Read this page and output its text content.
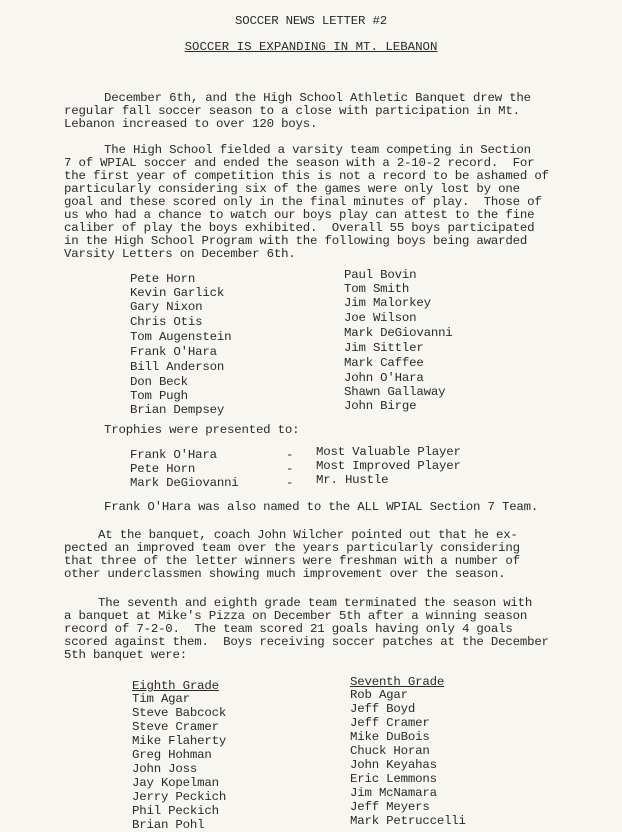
SOCCER NEWS LETTER #2
SOCCER IS EXPANDING IN MT. LEBANON
December 6th, and the High School Athletic Banquet drew the
regular fall soccer season to a close with participation in Mt.
Lebanon increased to over 120 boys.
The High School fielded a varsity team competing in Section
7 of WPIAL soccer and ended the season with a 2-10-2 record.  For
the first year of competition this is not a record to be ashamed of
particularly considering six of the games were only lost by one
goal and these scored only in the final minutes of play.  Those of
us who had a chance to watch our boys play can attest to the fine
caliber of play the boys exhibited.  Overall 55 boys participated
in the High School Program with the following boys being awarded
Varsity Letters on December 6th.
Pete Horn
Kevin Garlick
Gary Nixon
Chris Otis
Tom Augenstein
Frank O'Hara
Bill Anderson
Don Beck
Tom Pugh
Brian Dempsey
Paul Bovin
Tom Smith
Jim Malorkey
Joe Wilson
Mark DeGiovanni
Jim Sittler
Mark Caffee
John O'Hara
Shawn Gallaway
John Birge
Trophies were presented to:
Frank O'Hara	- Most Valuable Player
Pete Horn	- Most Improved Player
Mark DeGiovanni	- Mr. Hustle
Frank O'Hara was also named to the ALL WPIAL Section 7 Team.
At the banquet, coach John Wilcher pointed out that he ex-
pected an improved team over the years particularly considering
that three of the letter winners were freshman with a number of
other underclassmen showing much improvement over the season.
The seventh and eighth grade team terminated the season with
a banquet at Mike's Pizza on December 5th after a winning season
record of 7-2-0.  The team scored 21 goals having only 4 goals
scored against them.  Boys receiving soccer patches at the December
5th banquet were:
Eighth Grade
Tim Agar
Steve Babcock
Steve Cramer
Mike Flaherty
Greg Hohman
John Joss
Jay Kopelman
Jerry Peckich
Phil Peckich
Brian Pohl
Seventh Grade
Rob Agar
Jeff Boyd
Jeff Cramer
Mike DuBois
Chuck Horan
John Keyahas
Eric Lemmons
Jim McNamara
Jeff Meyers
Mark Petruccelli
